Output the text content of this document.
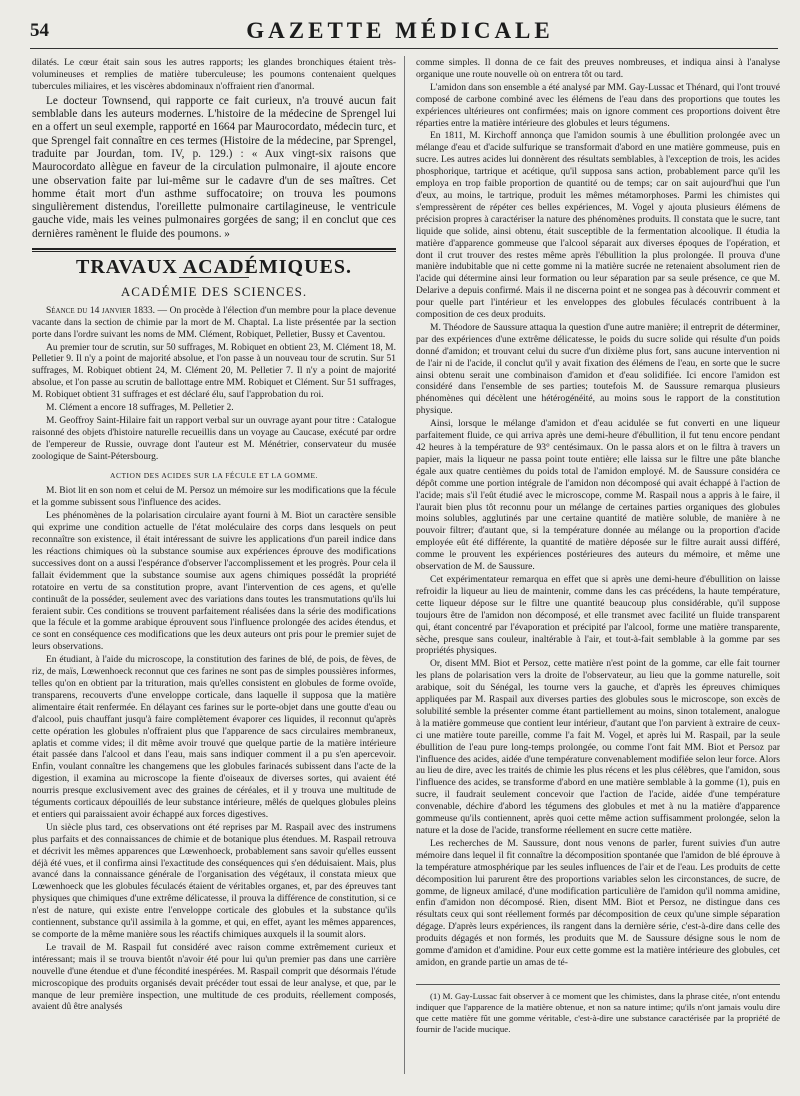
54	GAZETTE MÉDICALE

dilatés. Le cœur était sain sous les autres rapports; les glandes bronchiques étaient très-volumineuses et remplies de matière tuberculeuse; les poumons contenaient quelques tubercules miliaires, et les viscères abdominaux n'offraient rien d'anormal.

Le docteur Townsend, qui rapporte ce fait curieux, n'a trouvé aucun fait semblable dans les auteurs modernes. L'histoire de la médecine de Sprengel lui en a offert un seul exemple, rapporté en 1664 par Maurocordato, médecin turc, et que Sprengel fait connaître en ces termes (Histoire de la médecine, par Sprengel, traduite par Jourdan, tom. IV, p. 129.) : « Aux vingt-six raisons que Maurocordato allègue en faveur de la circulation pulmonaire, il ajoute encore une observation faite par lui-même sur le cadavre d'un de ses maîtres. Cet homme était mort d'un asthme suffocatoire; on trouva les poumons singulièrement distendus, l'oreillette pulmonaire cartilagineuse, le ventricule gauche vide, mais les veines pulmonaires gorgées de sang; il en conclut que ces dernières ramènent le fluide des poumons. »

TRAVAUX ACADÉMIQUES.
ACADÉMIE DES SCIENCES.

Séance du 14 janvier 1833. — On procède à l'élection d'un membre pour la place devenue vacante dans la section de chimie par la mort de M. Chaptal. La liste présentée par la section porte dans l'ordre suivant les noms de MM. Clément, Robiquet, Pelletier, Bussy et Caventou.

Au premier tour de scrutin, sur 50 suffrages, M. Robiquet en obtient 23, M. Clément 18, M. Pelletier 9. Il n'y a point de majorité absolue, et l'on passe à un nouveau tour de scrutin. Sur 51 suffrages, M. Robiquet obtient 24, M. Clément 20, M. Pelletier 7. Il n'y a point de majorité absolue, et l'on passe au scrutin de ballottage entre MM. Robiquet et Clément. Sur 51 suffrages, M. Robiquet obtient 31 suffrages et est déclaré élu, sauf l'approbation du roi.

M. Clément a encore 18 suffrages, M. Pelletier 2.

M. Geoffroy Saint-Hilaire fait un rapport verbal sur un ouvrage ayant pour titre : Catalogue raisonné des objets d'histoire naturelle recueillis dans un voyage au Caucase, exécuté par ordre de l'empereur de Russie, ouvrage dont l'auteur est M. Ménétrier, conservateur du musée zoologique de Saint-Pétersbourg.

ACTION DES ACIDES SUR LA FÉCULE ET LA GOMME.

M. Biot lit en son nom et celui de M. Persoz un mémoire sur les modifications que la fécule et la gomme subissent sous l'influence des acides.

Les phénomènes de la polarisation circulaire ayant fourni à M. Biot un caractère sensible qui exprime une condition actuelle de l'état moléculaire des corps dans lesquels on peut reconnaître son existence, il était intéressant de suivre les applications d'un pareil indice dans les réactions chimiques où la substance soumise aux expériences éprouve des modifications successives dont on a aussi l'espérance d'observer l'accomplissement et les progrès. Pour cela il fallait évidemment que la substance soumise aux agens chimiques possédât la propriété rotatoire en vertu de sa constitution propre, avant l'intervention de ces agens, et qu'elle continuât de la posséder, seulement avec des variations dans toutes les transmutations qu'ils lui feraient subir. Ces conditions se trouvent parfaitement réalisées dans la série des modifications que la fécule et la gomme arabique éprouvent sous l'influence prolongée des acides étendus, et ce sont en conséquence ces modifications que les deux auteurs ont pris pour le premier sujet de leurs observations.

En étudiant, à l'aide du microscope, la constitution des farines de blé, de pois, de fèves, de riz, de maïs, Lœwenhoeck reconnut que ces farines ne sont pas de simples poussières informes, telles qu'on en obtient par la trituration, mais qu'elles consistent en globules de forme ovoïde, transparens, recouverts d'une enveloppe corticale, dans laquelle il supposa que la matière alimentaire était renfermée. En délayant ces farines sur le porte-objet dans une goutte d'eau ou d'alcool, puis chauffant jusqu'à faire complètement évaporer ces liquides, il reconnut qu'après cette opération les globules n'offraient plus que l'apparence de sacs circulaires membraneux, aplatis et comme vides; il dit même avoir trouvé que quelque partie de la matière intérieure était passée dans l'alcool et dans l'eau, mais sans indiquer comment il a pu s'en apercevoir. Enfin, voulant connaître les changemens que les globules farinacés subissent dans l'acte de la digestion, il examina au microscope la fiente d'oiseaux de diverses sortes, qui avaient été nourris presque exclusivement avec des graines de céréales, et il y trouva une multitude de téguments corticaux dépouillés de leur substance intérieure, mêlés de quelques globules pleins et entiers qui paraissaient avoir échappé aux forces digestives.

Un siècle plus tard, ces observations ont été reprises par M. Raspail avec des instrumens plus parfaits et des connaissances de chimie et de botanique plus étendues. M. Raspail retrouva et décrivit les mêmes apparences que Lœwenhoeck, probablement sans savoir qu'elles eussent déjà été vues, et il confirma ainsi l'exactitude des conséquences qui s'en déduisaient. Mais, plus avancé dans la connaissance générale de l'organisation des végétaux, il constata mieux que Lœwenhoeck que les globules féculacés étaient de véritables organes, et, par des épreuves tant physiques que chimiques d'une extrême délicatesse, il prouva la différence de constitution, si ce n'est de nature, qui existe entre l'enveloppe corticale des globules et la substance qu'ils contiennent, substance qu'il assimila à la gomme, et qui, en effet, ayant les mêmes apparences, se comporte de la même manière sous les réactifs chimiques auxquels il la soumit alors.

Le travail de M. Raspail fut considéré avec raison comme extrêmement curieux et intéressant; mais il se trouva bientôt n'avoir été pour lui qu'un premier pas dans une carrière nouvelle d'une étendue et d'une fécondité inespérées. M. Raspail comprit que désormais l'étude microscopique des produits organisés devait précéder tout essai de leur analyse, et que, par le manque de leur première inspection, une multitude de ces produits, réellement composés, avaient dû être analysés

comme simples. Il donna de ce fait des preuves nombreuses, et indiqua ainsi à l'analyse organique une route nouvelle où on entrera tôt ou tard.

L'amidon dans son ensemble a été analysé par MM. Gay-Lussac et Thénard, qui l'ont trouvé composé de carbone combiné avec les élémens de l'eau dans des proportions que toutes les expériences ultérieures ont confirmées; mais on ignore comment ces proportions doivent être réparties entre la matière intérieure des globules et leurs tégumens.

En 1811, M. Kirchoff annonça que l'amidon soumis à une ébullition prolongée avec un mélange d'eau et d'acide sulfurique se transformait d'abord en une matière gommeuse, puis en sucre. Les autres acides lui donnèrent des résultats semblables, à l'exception de trois, les acides phosphorique, tartrique et acétique, qu'il supposa sans action, probablement parce qu'il les employa en trop faible proportion de quantité ou de temps; car on sait aujourd'hui que l'un d'eux, au moins, le tartrique, produit les mêmes métamorphoses. Parmi les chimistes qui s'empressèrent de répéter ces belles expériences, M. Vogel y ajouta plusieurs élémens de précision propres à caractériser la nature des phénomènes produits. Il constata que le sucre, tant liquide que solide, ainsi obtenu, était susceptible de la fermentation alcoolique. Il étudia la matière d'apparence gommeuse que l'alcool séparait aux diverses époques de l'opération, et dont il crut trouver des restes même après l'ébullition la plus prolongée. Il prouva d'une manière indubitable que ni cette gomme ni la matière sucrée ne retenaient absolument rien de l'acide qui détermine ainsi leur formation ou leur séparation par sa seule présence, ce que M. Delarive a depuis confirmé. Mais il ne discerna point et ne songea pas à découvrir comment et pour quelle part l'intérieur et les enveloppes des globules féculacés contribuent à la composition de ces deux produits.

M. Théodore de Saussure attaqua la question d'une autre manière; il entreprit de déterminer, par des expériences d'une extrême délicatesse, le poids du sucre solide qui résulte d'un poids donné d'amidon; et trouvant celui du sucre d'un dixième plus fort, sans aucune intervention ni de l'air ni de l'acide, il conclut qu'il y avait fixation des élémens de l'eau, en sorte que le sucre ainsi obtenu serait une combinaison d'amidon et d'eau solidifiée. Ici encore l'amidon est considéré dans l'ensemble de ses parties; toutefois M. de Saussure remarqua plusieurs phénomènes qui décèlent une hétérogénéité, au moins sous le rapport de la constitution physique.

Ainsi, lorsque le mélange d'amidon et d'eau acidulée se fut converti en une liqueur parfaitement fluide, ce qui arriva après une demi-heure d'ébullition, il fut tenu encore pendant 42 heures à la température de 93° centésimaux. On le passa alors et on le filtra à travers un papier, mais la liqueur ne passa point toute entière; elle laissa sur le filtre une pâte blanche égale aux quatre centièmes du poids total de l'amidon employé. M. de Saussure considéra ce dépôt comme une portion intégrale de l'amidon non décomposé qui avait échappé à l'action de l'acide; mais s'il l'eût étudié avec le microscope, comme M. Raspail nous a appris à le faire, il l'aurait bien plus tôt reconnu pour un mélange de certaines parties organiques des globules moins solubles, agglutinés par une certaine quantité de matière soluble, de manière à ne pouvoir filtrer; d'autant que, si la température donnée au mélange ou la proportion d'acide employée eût été différente, la quantité de matière déposée sur le filtre aurait aussi différé, comme le prouvent les expériences postérieures des auteurs du mémoire, et même une observation de M. de Saussure.

Cet expérimentateur remarqua en effet que si après une demi-heure d'ébullition on laisse refroidir la liqueur au lieu de maintenir, comme dans les cas précédens, la haute température, cette liqueur dépose sur le filtre une quantité beaucoup plus considérable, qu'il suppose toujours être de l'amidon non décomposé, et elle transmet avec facilité un fluide transparent qui, étant concentré par l'évaporation et précipité par l'alcool, forme une matière transparente, sèche, presque sans couleur, inaltérable à l'air, et tout-à-fait semblable à la gomme par ses propriétés physiques.

Or, disent MM. Biot et Persoz, cette matière n'est point de la gomme, car elle fait tourner les plans de polarisation vers la droite de l'observateur, au lieu que la gomme naturelle, soit arabique, soit du Sénégal, les tourne vers la gauche, et d'après les épreuves chimiques appliquées par M. Raspail aux diverses parties des globules sous le microscope, son excès de solubilité semble la présenter comme étant partiellement au moins, sinon totalement, analogue à la matière gommeuse que contient leur intérieur, d'autant que l'on parvient à extraire de ceux-ci une matière toute pareille, comme l'a fait M. Vogel, et après lui M. Raspail, par la seule ébullition de l'eau pure long-temps prolongée, ou comme l'ont fait MM. Biot et Persoz par l'influence des acides, aidée d'une température convenablement modifiée selon leur force. Alors au lieu de dire, avec les traités de chimie les plus récens et les plus célèbres, que l'amidon, sous l'influence des acides, se transforme d'abord en une matière semblable à la gomme (1), puis en sucre, il faudrait seulement concevoir que l'action de l'acide, aidée d'une température convenable, déchire d'abord les tégumens des globules et met à nu la matière d'apparence gommeuse qu'ils contiennent, après quoi cette même action suffisamment prolongée, selon la nature et la dose de l'acide, transforme réellement en sucre cette matière.

Les recherches de M. Saussure, dont nous venons de parler, furent suivies d'un autre mémoire dans lequel il fit connaître la décomposition spontanée que l'amidon de blé éprouve à la température atmosphérique par les seules influences de l'air et de l'eau. Les produits de cette décomposition lui parurent être des proportions variables selon les circonstances, de sucre, de gomme, de ligneux amilacé, d'une modification particulière de l'amidon qu'il nomma amidine, enfin d'amidon non décomposé. Rien, disent MM. Biot et Persoz, ne distingue dans ces résultats ceux qui sont réellement formés par décomposition de ceux qu'une simple séparation dégage. D'après leurs expériences, ils rangent dans la dernière série, c'est-à-dire dans celle des produits dégagés et non formés, les produits que M. de Saussure désigne sous le nom de gomme d'amidon et d'amidine. Pour eux cette gomme est la matière intérieure des globules, cet amidon, en grande partie un amas de té-

(1) M. Gay-Lussac fait observer à ce moment que les chimistes, dans la phrase citée, n'ont entendu indiquer que l'apparence de la matière obtenue, et non sa nature intime; qu'ils n'ont jamais voulu dire que cette matière fût une gomme véritable, c'est-à-dire une substance caractérisée par la propriété de fournir de l'acide mucique.
